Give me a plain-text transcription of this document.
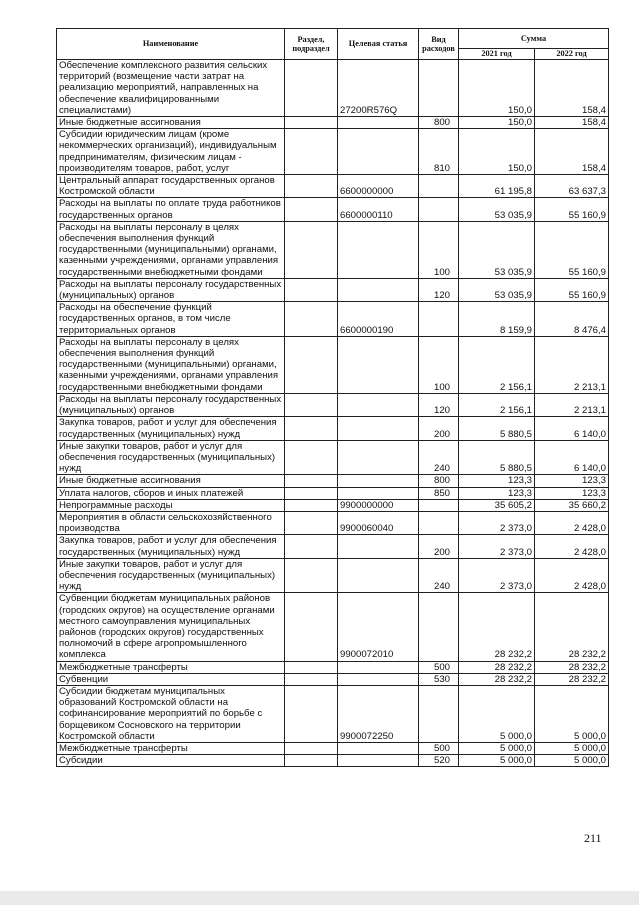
Наименование	Раздел, подраздел	Целевая статья	Вид расходов	Сумма	
				2021 год	2022 год
Обеспечение комплексного развития сельских территорий (возмещение части затрат на реализацию мероприятий, направленных на обеспечение квалифицированными специалистами)		27200R576Q		150,0	158,4
Иные бюджетные ассигнования			800	150,0	158,4
Субсидии юридическим лицам (кроме некоммерческих организаций), индивидуальным предпринимателям, физическим лицам - производителям товаров, работ, услуг			810	150,0	158,4
Центральный аппарат государственных органов Костромской области		6600000000		61 195,8	63 637,3
Расходы на выплаты по оплате труда работников государственных органов		6600000110		53 035,9	55 160,9
Расходы на выплаты персоналу в целях обеспечения выполнения функций государственными (муниципальными) органами, казенными учреждениями, органами управления государственными внебюджетными фондами			100	53 035,9	55 160,9
Расходы на выплаты персоналу государственных (муниципальных) органов			120	53 035,9	55 160,9
Расходы на обеспечение функций государственных органов, в том числе территориальных органов		6600000190		8 159,9	8 476,4
Расходы на выплаты персоналу в целях обеспечения выполнения функций государственными (муниципальными) органами, казенными учреждениями, органами управления государственными внебюджетными фондами			100	2 156,1	2 213,1
Расходы на выплаты персоналу государственных (муниципальных) органов			120	2 156,1	2 213,1
Закупка товаров, работ и услуг для обеспечения государственных (муниципальных) нужд			200	5 880,5	6 140,0
Иные закупки товаров, работ и услуг для обеспечения государственных (муниципальных) нужд			240	5 880,5	6 140,0
Иные бюджетные ассигнования			800	123,3	123,3
Уплата налогов, сборов и иных платежей			850	123,3	123,3
Непрограммные расходы		9900000000		35 605,2	35 660,2
Мероприятия в области сельскохозяйственного производства		9900060040		2 373,0	2 428,0
Закупка товаров, работ и услуг для обеспечения государственных (муниципальных) нужд			200	2 373,0	2 428,0
Иные закупки товаров, работ и услуг для обеспечения государственных (муниципальных) нужд			240	2 373,0	2 428,0
Субвенции бюджетам муниципальных районов (городских округов) на осуществление органами местного самоуправления муниципальных районов (городских округов) государственных полномочий в сфере агропромышленного комплекса		9900072010		28 232,2	28 232,2
Межбюджетные трансферты			500	28 232,2	28 232,2
Субвенции			530	28 232,2	28 232,2
Субсидии бюджетам муниципальных образований Костромской области на софинансирование мероприятий по борьбе с борщевиком Сосновского на территории Костромской области		9900072250		5 000,0	5 000,0
Межбюджетные трансферты			500	5 000,0	5 000,0
Субсидии			520	5 000,0	5 000,0
211
